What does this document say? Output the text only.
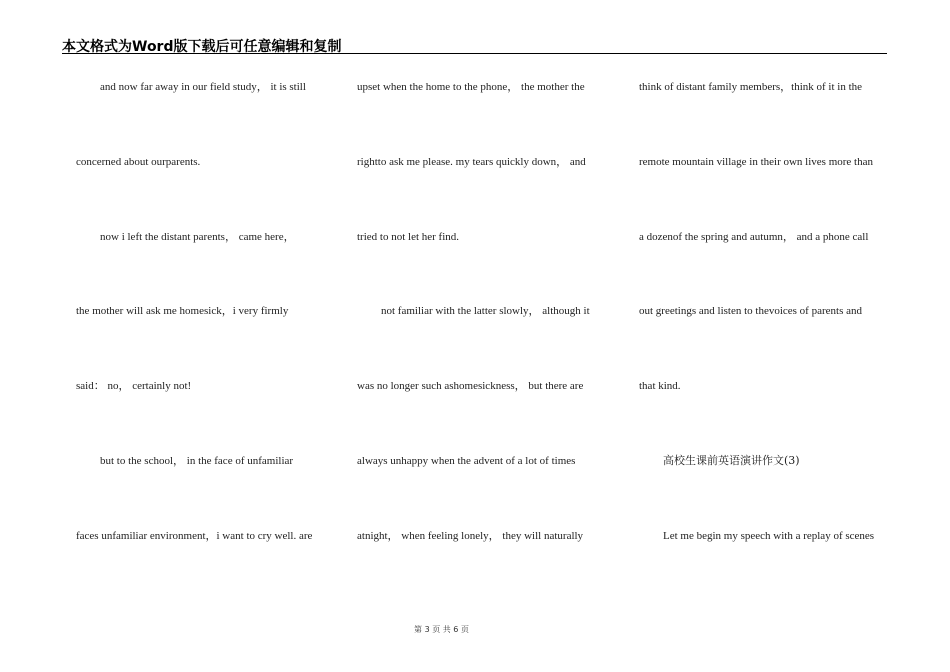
本文格式为Word版下载后可任意编辑和复制
and now far away in our field study， it is still
concerned about ourparents.
now i left the distant parents， came here，
the mother will ask me homesick，i very firmly
said： no， certainly not!
but to the school， in the face of unfamiliar
faces unfamiliar environment，i want to cry well. are
upset when the home to the phone， the mother the
rightto ask me please. my tears quickly down， and
tried to not let her find.
not familiar with the latter slowly， although it
was no longer such ashomesickness， but there are
always unhappy when the advent of a lot of times
atnight， when feeling lonely， they will naturally
think of distant family members，think of it in the
remote mountain village in their own lives more than
a dozenof the spring and autumn， and a phone call
out greetings and listen to thevoices of parents and
that kind.
高校生课前英语演讲作文(3)
Let me begin my speech with a replay of scenes
第 3 页 共 6 页
